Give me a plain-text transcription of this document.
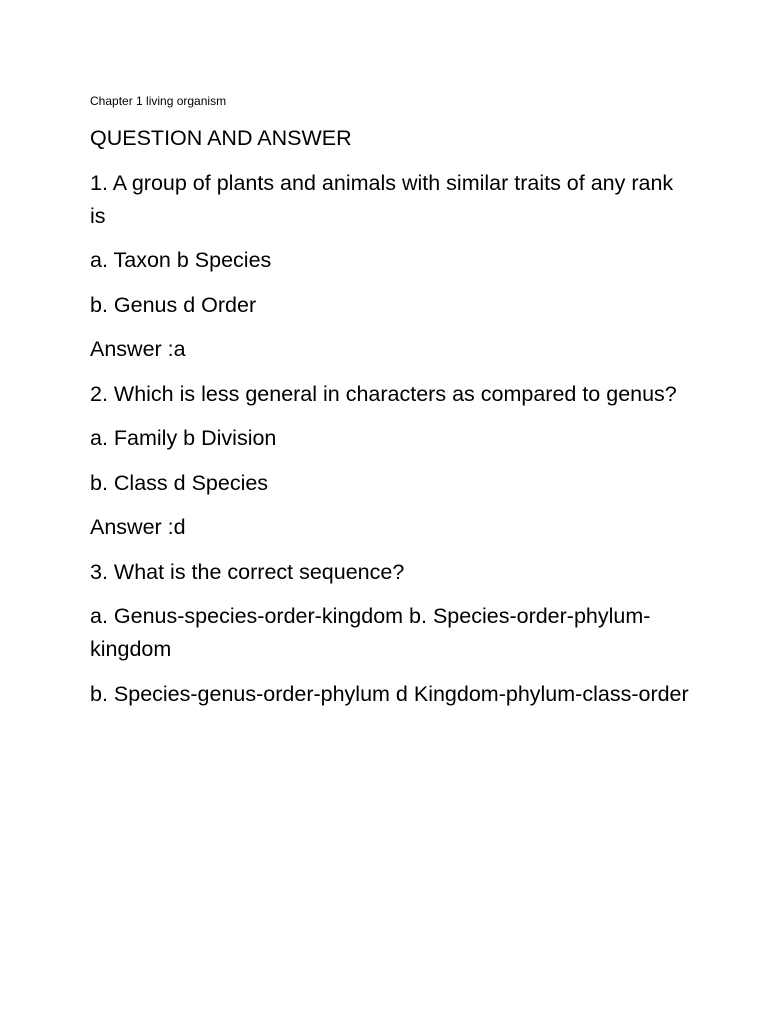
Chapter 1 living organism
QUESTION AND ANSWER
1. A group of plants and animals with similar traits of any rank is
a. Taxon b Species
b. Genus d Order
Answer :a
2. Which is less general in characters as compared to genus?
a. Family b Division
b. Class d Species
Answer :d
3. What is the correct sequence?
a. Genus-species-order-kingdom b. Species-order-phylum-kingdom
b. Species-genus-order-phylum d Kingdom-phylum-class-order
